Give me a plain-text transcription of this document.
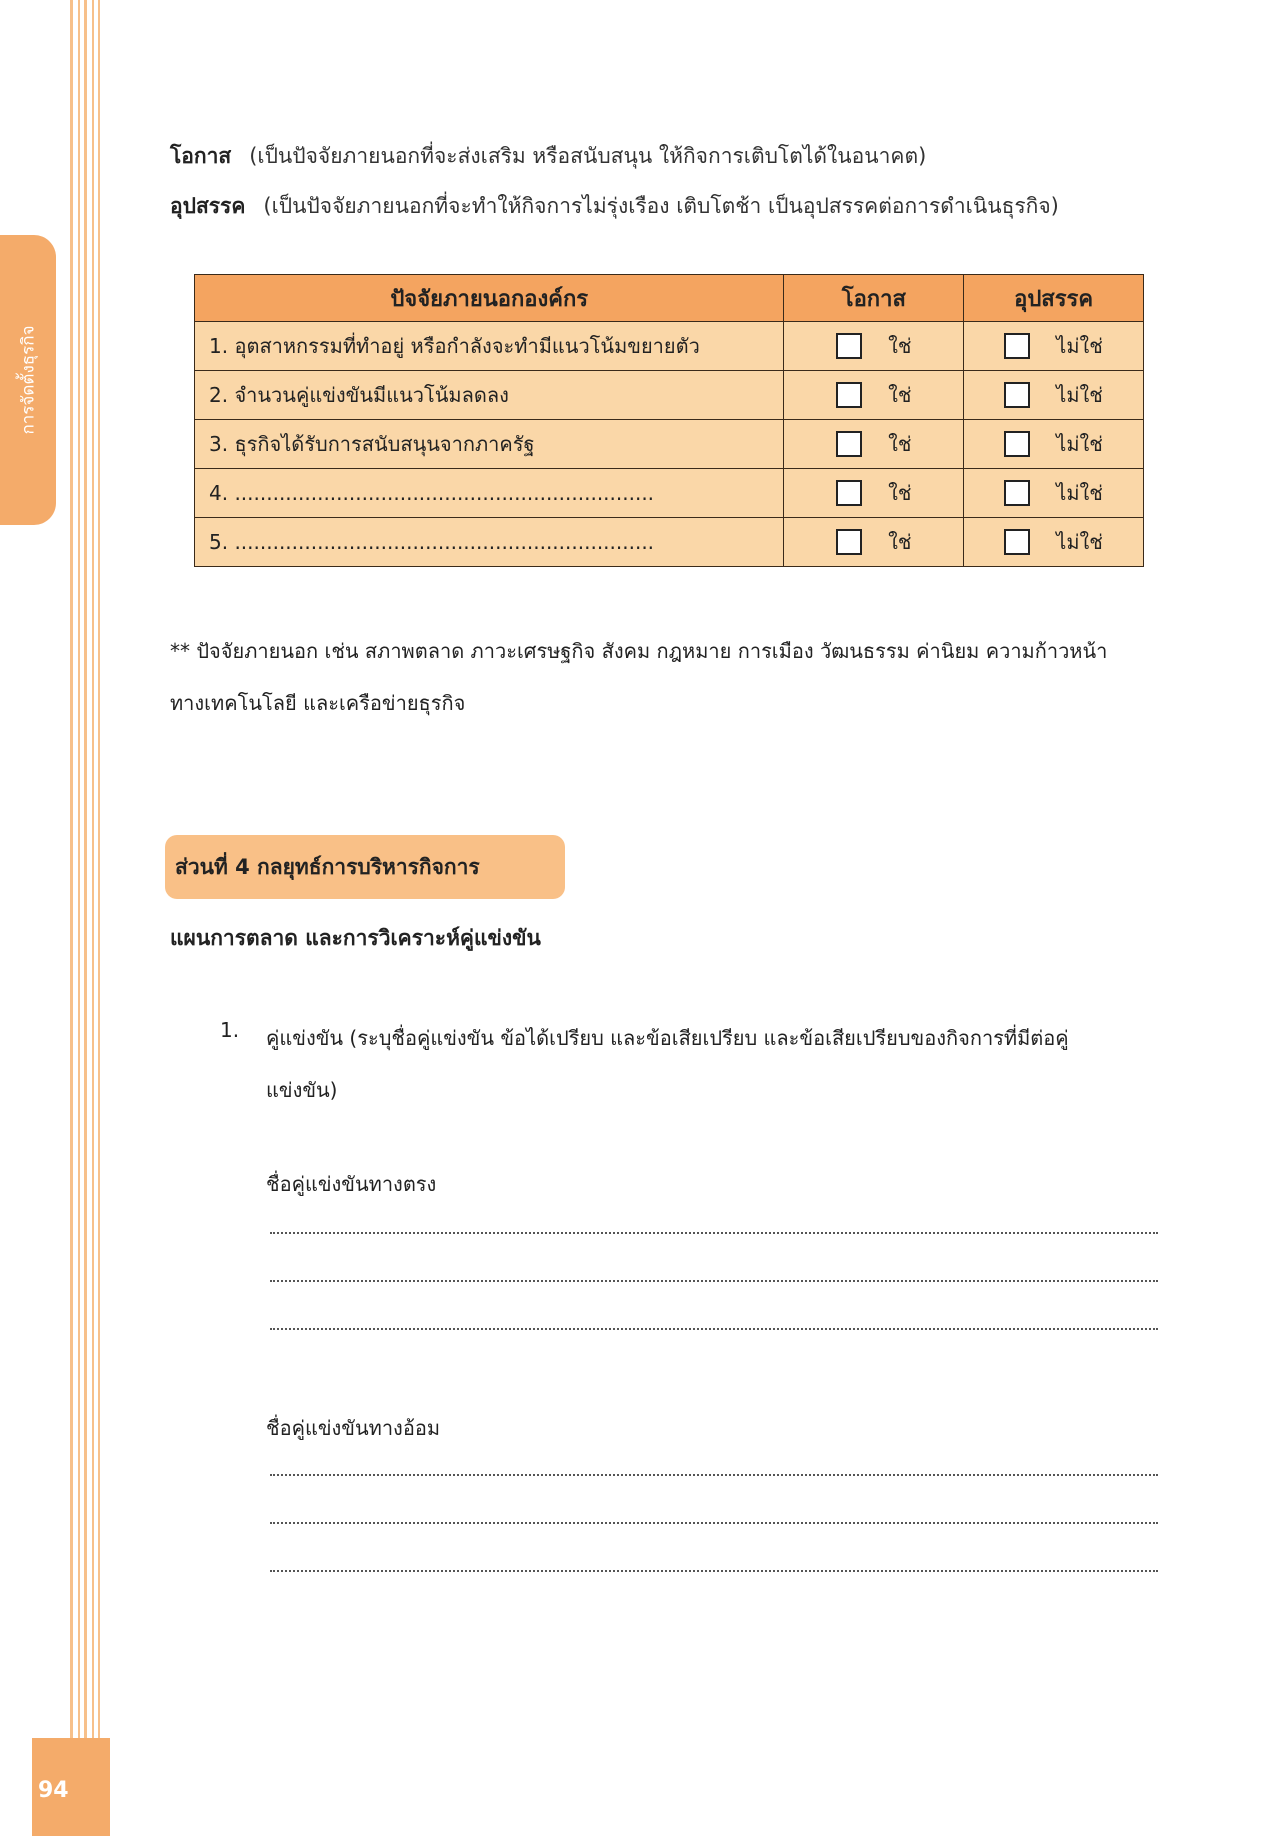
การจัดตั้งธุรกิจ
94
โอกาส (เป็นปัจจัยภายนอกที่จะส่งเสริม หรือสนับสนุน ให้กิจการเติบโตได้ในอนาคต)
อุปสรรค (เป็นปัจจัยภายนอกที่จะทำให้กิจการไม่รุ่งเรือง เติบโตช้า เป็นอุปสรรคต่อการดำเนินธุรกิจ)
ปัจจัยภายนอกองค์กร	โอกาส	อุปสรรค
1. อุตสาหกรรมที่ทำอยู่ หรือกำลังจะทำมีแนวโน้มขยายตัว	ใช่	ไม่ใช่
2. จำนวนคู่แข่งขันมีแนวโน้มลดลง	ใช่	ไม่ใช่
3. ธุรกิจได้รับการสนับสนุนจากภาครัฐ	ใช่	ไม่ใช่
4. ..................................................................	ใช่	ไม่ใช่
5. ..................................................................	ใช่	ไม่ใช่
** ปัจจัยภายนอก เช่น สภาพตลาด ภาวะเศรษฐกิจ สังคม กฎหมาย การเมือง วัฒนธรรม ค่านิยม ความก้าวหน้าทางเทคโนโลยี และเครือข่ายธุรกิจ
ส่วนที่ 4 กลยุทธ์การบริหารกิจการ
แผนการตลาด และการวิเคราะห์คู่แข่งขัน
1. คู่แข่งขัน (ระบุชื่อคู่แข่งขัน ข้อได้เปรียบ และข้อเสียเปรียบ และข้อเสียเปรียบของกิจการที่มีต่อคู่แข่งขัน)
ชื่อคู่แข่งขันทางตรง
ชื่อคู่แข่งขันทางอ้อม
